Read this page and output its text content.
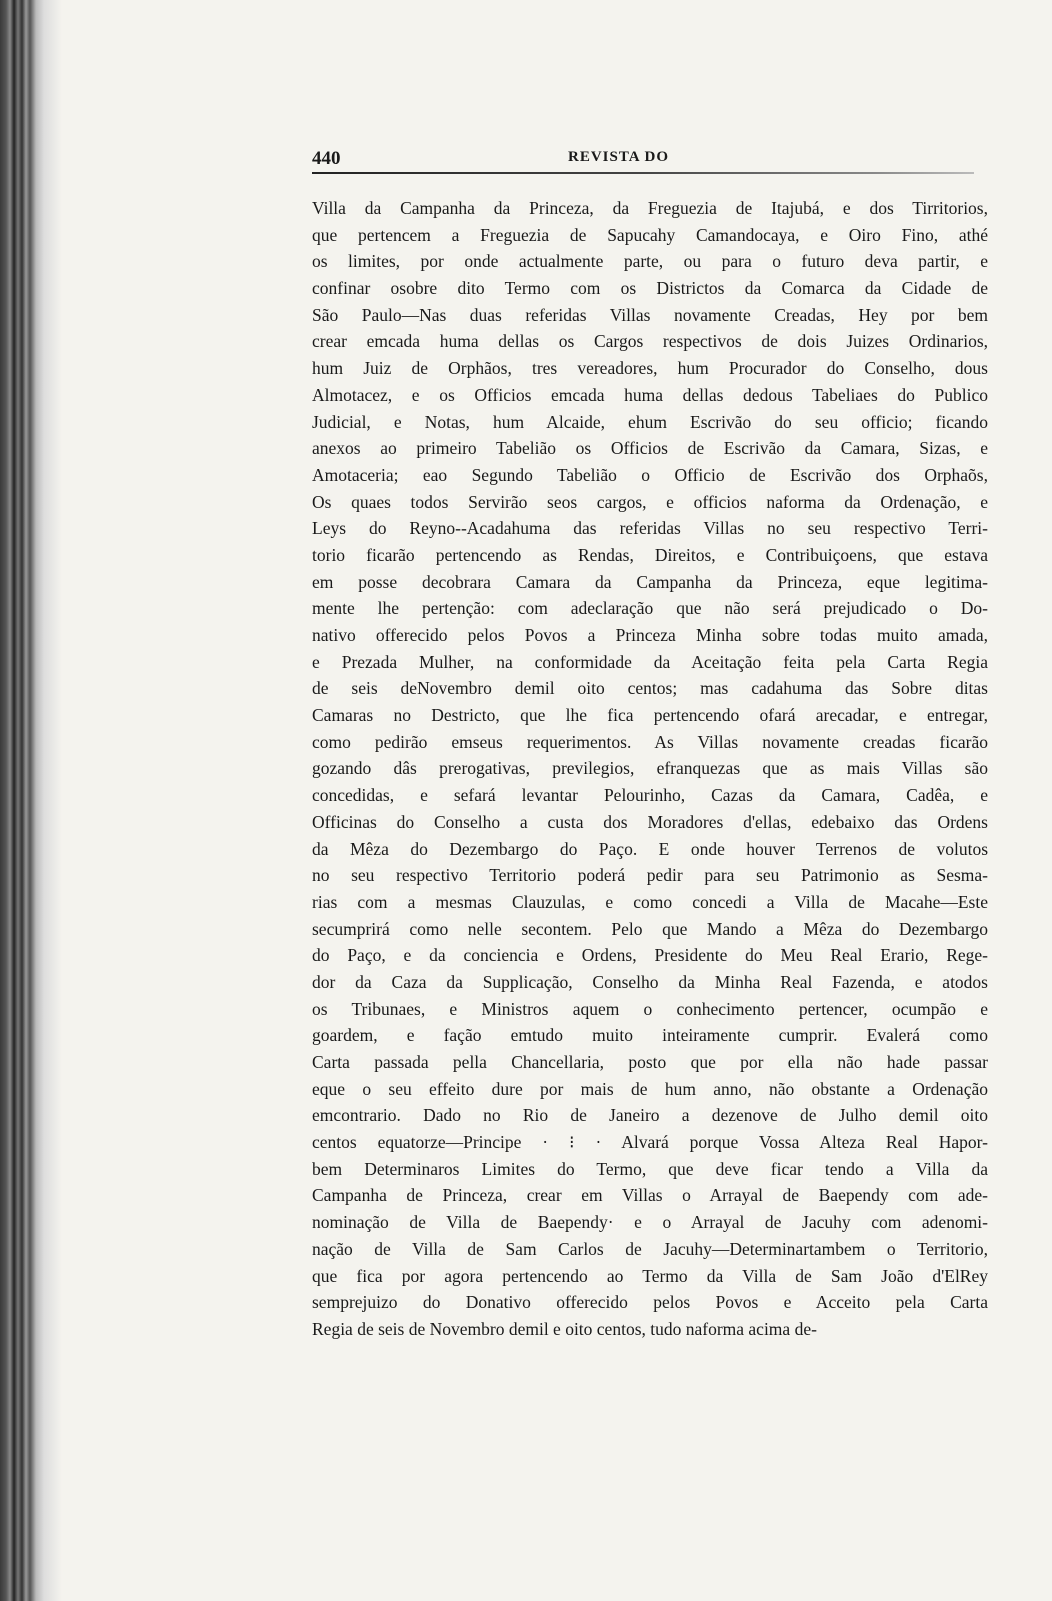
440	REVISTA DO
Villa da Campanha da Princeza, da Freguezia de Itajubá, e dos Tirritorios,
que pertencem a Freguezia de Sapucahy Camandocaya, e Oiro Fino, athé
os limites, por onde actualmente parte, ou para o futuro deva partir, e
confinar osobre dito Termo com os Districtos da Comarca da Cidade de
São Paulo—Nas duas referidas Villas novamente Creadas, Hey por bem
crear emcada huma dellas os Cargos respectivos de dois Juizes Ordinarios,
hum Juiz de Orphãos, tres vereadores, hum Procurador do Conselho, dous
Almotacez, e os Officios emcada huma dellas dedous Tabeliaes do Publico
Judicial, e Notas, hum Alcaide, ehum Escrivão do seu officio; ficando
anexos ao primeiro Tabelião os Officios de Escrivão da Camara, Sizas, e
Amotaceria; eao Segundo Tabelião o Officio de Escrivão dos Orphaõs,
Os quaes todos Servirão seos cargos, e officios naforma da Ordenação, e
Leys do Reyno--Acadahuma das referidas Villas no seu respectivo Terri-
torio ficarão pertencendo as Rendas, Direitos, e Contribuiçoens, que estava
em posse decobrara Camara da Campanha da Princeza, eque legitima-
mente lhe pertenção: com adeclaração que não será prejudicado o Do-
nativo offerecido pelos Povos a Princeza Minha sobre todas muito amada,
e Prezada Mulher, na conformidade da Aceitação feita pela Carta Regia
de seis deNovembro demil oito centos; mas cadahuma das Sobre ditas
Camaras no Destricto, que lhe fica pertencendo ofará arecadar, e entregar,
como pedirão emseus requerimentos. As Villas novamente creadas ficarão
gozando dâs prerogativas, previlegios, efranquezas que as mais Villas são
concedidas, e sefará levantar Pelourinho, Cazas da Camara, Cadêa, e
Officinas do Conselho a custa dos Moradores d'ellas, edebaixo das Ordens
da Mêza do Dezembargo do Paço. E onde houver Terrenos de volutos
no seu respectivo Territorio poderá pedir para seu Patrimonio as Sesma-
rias com a mesmas Clauzulas, e como concedi a Villa de Macahe—Este
secumprirá como nelle secontem. Pelo que Mando a Mêza do Dezembargo
do Paço, e da conciencia e Ordens, Presidente do Meu Real Erario, Rege-
dor da Caza da Supplicação, Conselho da Minha Real Fazenda, e atodos
os Tribunaes, e Ministros aquem o conhecimento pertencer, ocumpão e
goardem, e fação emtudo muito inteiramente cumprir. Evalerá como
Carta passada pella Chancellaria, posto que por ella não hade passar
eque o seu effeito dure por mais de hum anno, não obstante a Ordenação
emcontrario. Dado no Rio de Janeiro a dezenove de Julho demil oito
centos equatorze—Principe · ⁝ · Alvará porque Vossa Alteza Real Hapor-
bem Determinaros Limites do Termo, que deve ficar tendo a Villa da
Campanha de Princeza, crear em Villas o Arrayal de Baependy com ade-
nominação de Villa de Baependy· e o Arrayal de Jacuhy com adenomi-
nação de Villa de Sam Carlos de Jacuhy—Determinartambem o Territorio,
que fica por agora pertencendo ao Termo da Villa de Sam João d'ElRey
semprejuizo do Donativo offerecido pelos Povos e Acceito pela Carta
Regia de seis de Novembro demil e oito centos, tudo naforma acima de-
